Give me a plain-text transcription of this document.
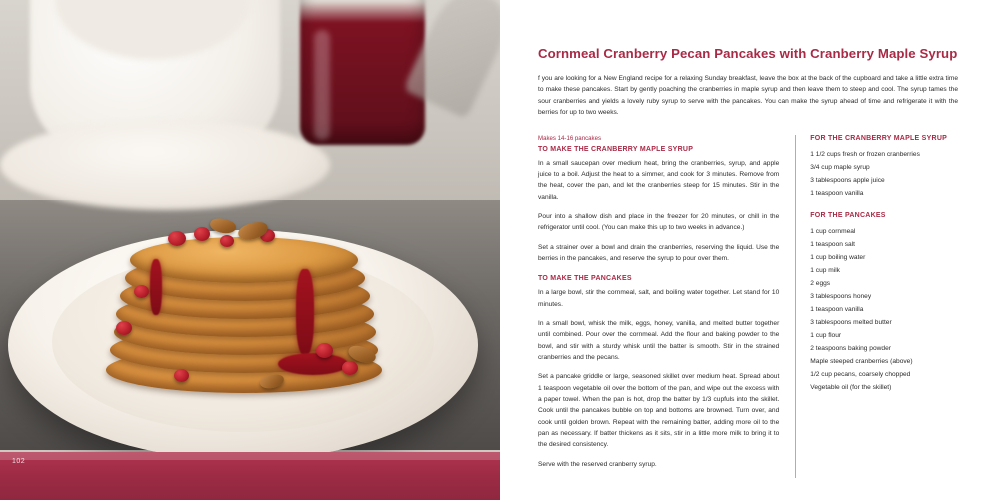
102
Cornmeal Cranberry Pecan Pancakes with Cranberry Maple Syrup

f you are looking for a New England recipe for a relaxing Sunday breakfast, leave the box at the back of the cupboard and take a little extra time to make these pancakes. Start by gently poaching the cranberries in maple syrup and then leave them to steep and cool. The syrup tames the sour cranberries and yields a lovely ruby syrup to serve with the pancakes. You can make the syrup ahead of time and refrigerate it with the berries for up to two weeks.

Makes 14-16 pancakes
TO MAKE THE CRANBERRY MAPLE SYRUP

In a small saucepan over medium heat, bring the cranberries, syrup, and apple juice to a boil. Adjust the heat to a simmer, and cook for 3 minutes. Remove from the heat, cover the pan, and let the cranberries steep for 15 minutes. Stir in the vanilla.

Pour into a shallow dish and place in the freezer for 20 minutes, or chill in the refrigerator until cool. (You can make this up to two weeks in advance.)

Set a strainer over a bowl and drain the cranberries, reserving the liquid. Use the berries in the pancakes, and reserve the syrup to pour over them.

TO MAKE THE PANCAKES

In a large bowl, stir the cornmeal, salt, and boiling water together. Let stand for 10 minutes.

In a small bowl, whisk the milk, eggs, honey, vanilla, and melted butter together until combined. Pour over the cornmeal. Add the flour and baking powder to the bowl, and stir with a sturdy whisk until the batter is smooth. Stir in the strained cranberries and the pecans.

Set a pancake griddle or large, seasoned skillet over medium heat. Spread about 1 teaspoon vegetable oil over the bottom of the pan, and wipe out the excess with a paper towel. When the pan is hot, drop the batter by 1/3 cupfuls into the skillet. Cook until the pancakes bubble on top and bottoms are browned. Turn over, and cook until golden brown. Repeat with the remaining batter, adding more oil to the pan as necessary. If batter thickens as it sits, stir in a little more milk to bring it to the desired consistency.

Serve with the reserved cranberry syrup.

FOR THE CRANBERRY MAPLE SYRUP

1 1/2 cups fresh or frozen cranberries

3/4 cup maple syrup

3 tablespoons apple juice

1 teaspoon vanilla

FOR THE PANCAKES

1 cup cornmeal

1 teaspoon salt

1 cup boiling water

1 cup milk

2 eggs

3 tablespoons honey

1 teaspoon vanilla

3 tablespoons melted butter

1 cup flour

2 teaspoons baking powder

Maple steeped cranberries (above)

1/2 cup pecans, coarsely chopped

Vegetable oil (for the skillet)
